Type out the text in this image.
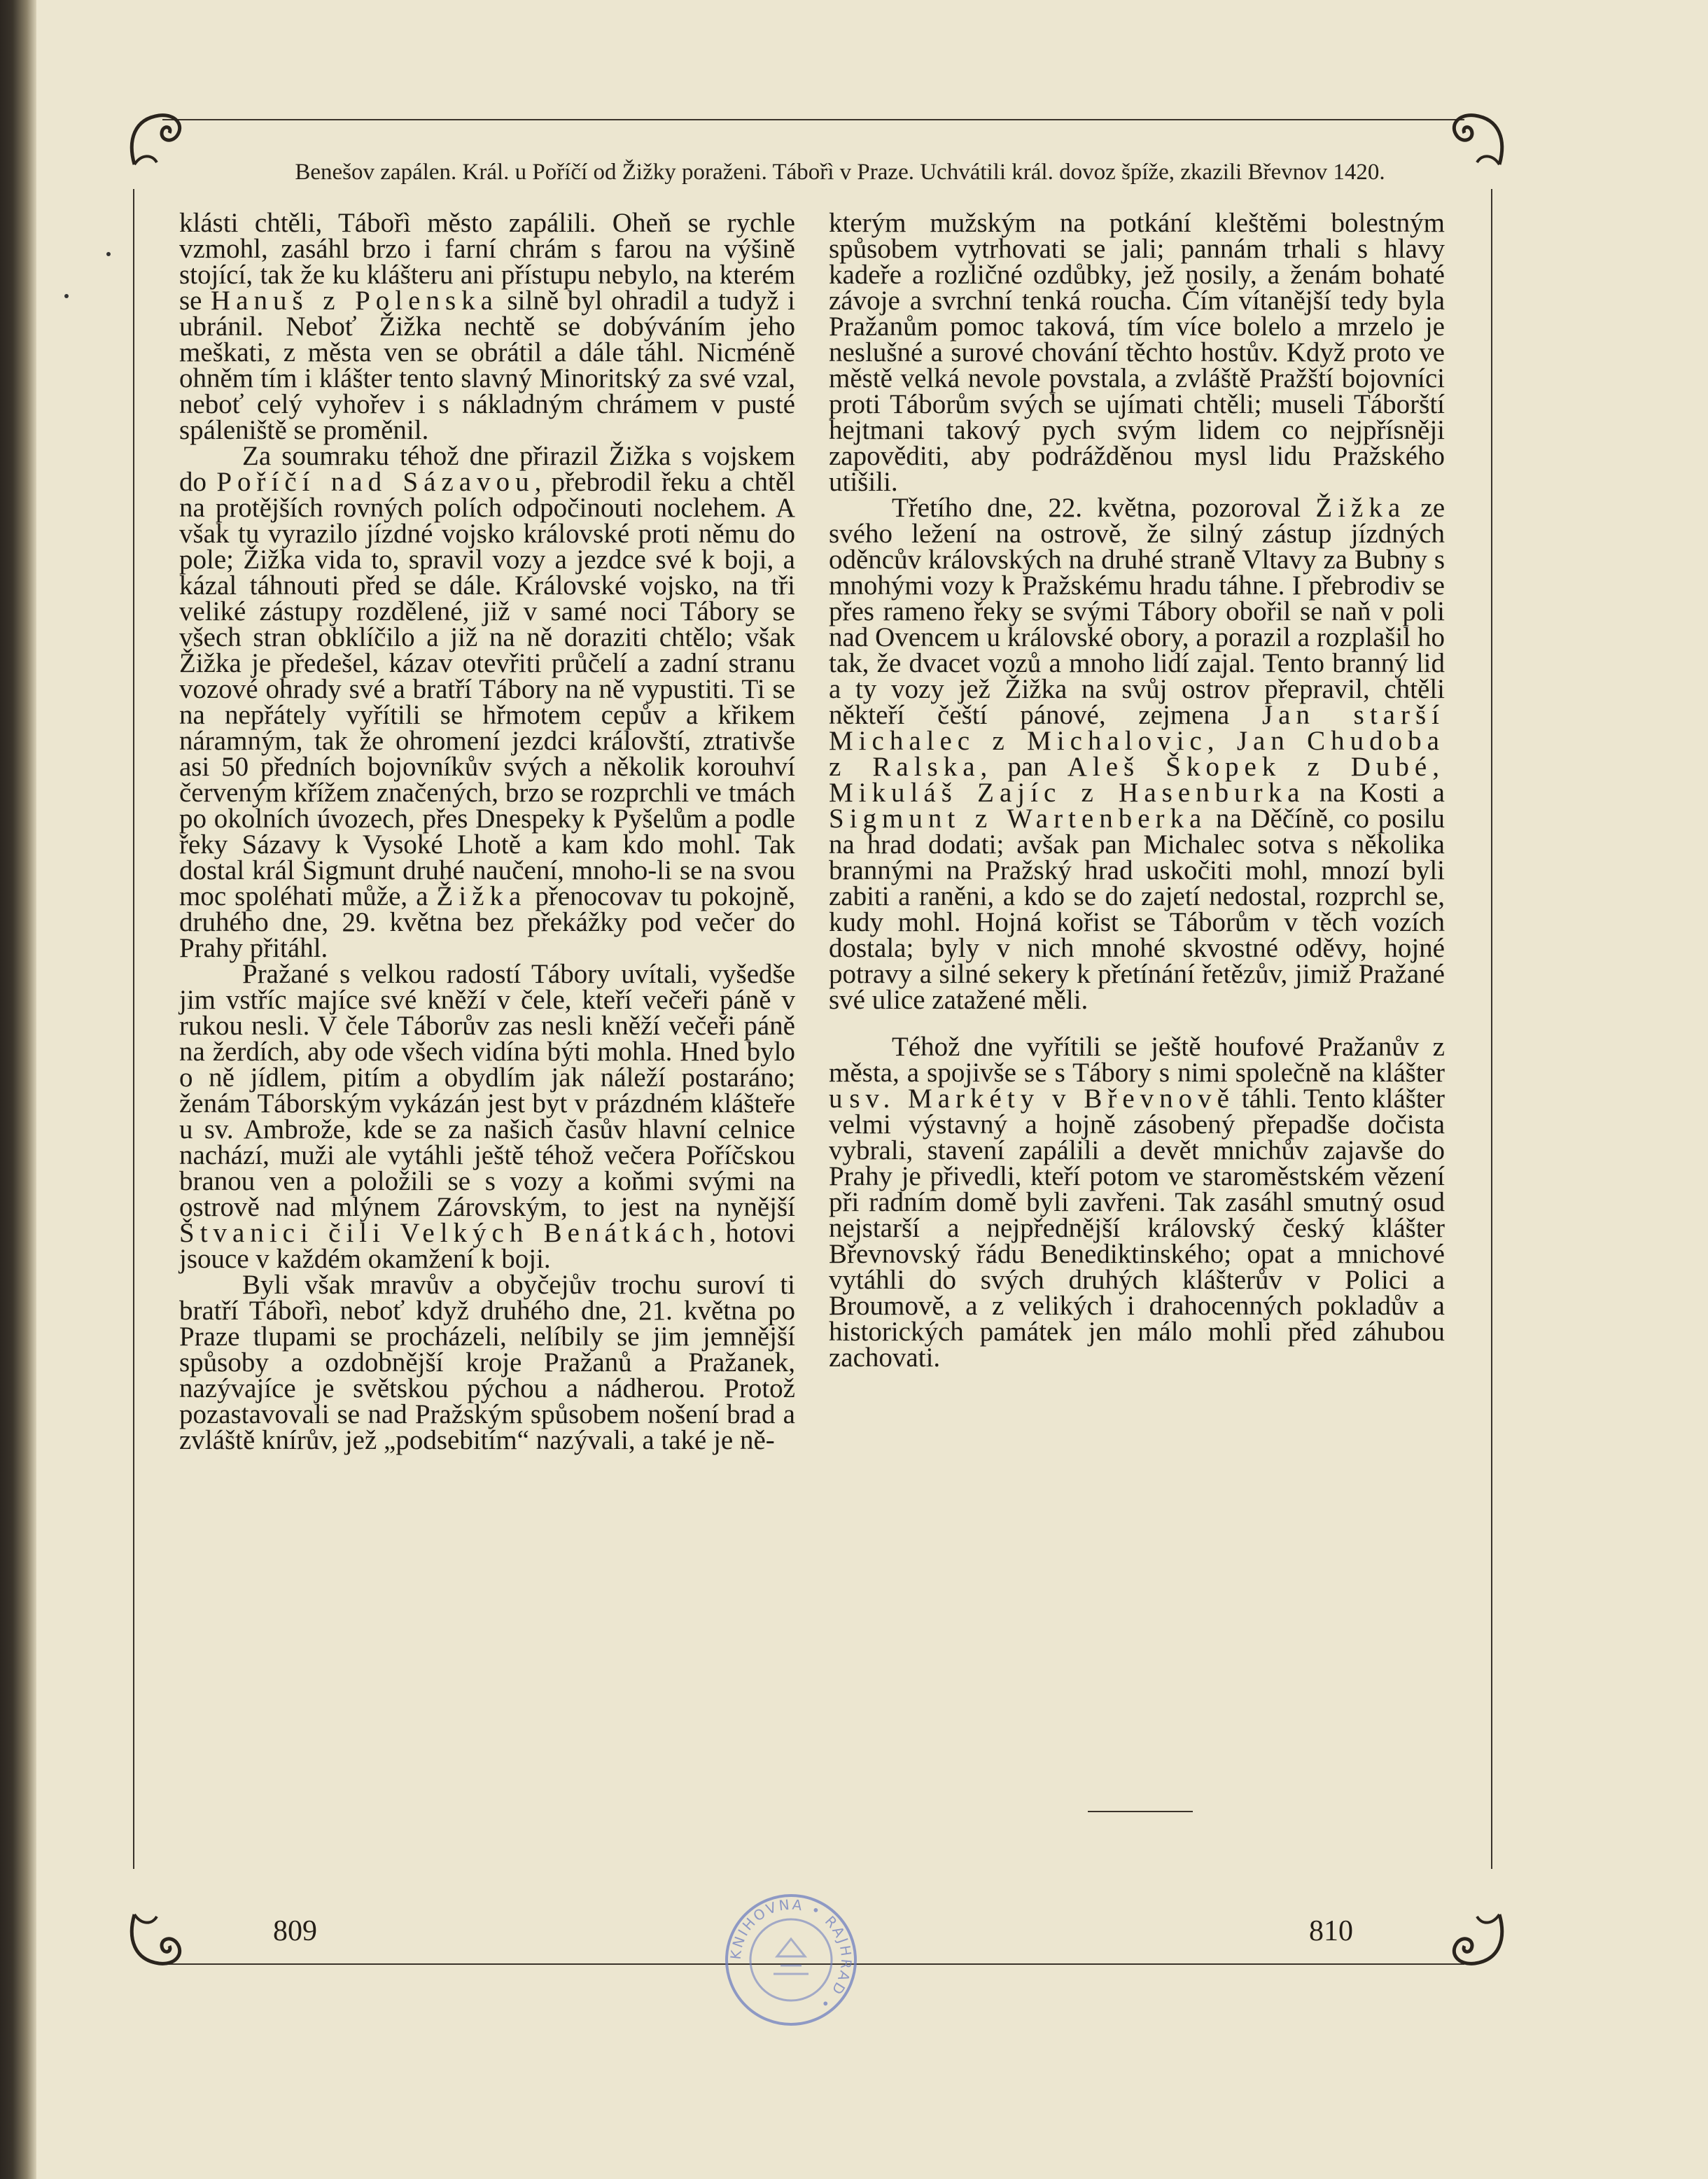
Benešov zapálen. Král. u Poříčí od Žižky poraženi. Tábořì v Praze. Uchvátili král. dovoz špíže, zkazili Břevnov 1420.

klásti chtěli, Tábořì město zapálili. Oheň se rychle vzmohl, zasáhl brzo i farní chrám s farou na výšině stojící, tak že ku klášteru ani přístupu nebylo, na kterém se Hanuš z Polenska silně byl ohradil a tudyž i ubránil. Neboť Žižka nechtě se dobýváním jeho meškati, z města ven se obrátil a dále táhl. Nicméně ohněm tím i klášter tento slavný Minoritský za své vzal, neboť celý vyhořev i s nákladným chrámem v pusté spáleniště se proměnil.

Za soumraku téhož dne přirazil Žižka s vojskem do Poříčí nad Sázavou, přebrodil řeku a chtěl na protějších rovných polích odpočinouti noclehem. A však tu vyrazilo jízdné vojsko královské proti němu do pole; Žižka vida to, spravil vozy a jezdce své k boji, a kázal táhnouti před se dále. Královské vojsko, na tři veliké zástupy rozdělené, již v samé noci Tábory se všech stran obklíčilo a již na ně doraziti chtělo; však Žižka je předešel, kázav otevřiti průčelí a zadní stranu vozové ohrady své a bratří Tábory na ně vypustiti. Ti se na nepřátely vyřítili se hřmotem cepův a křikem náramným, tak že ohromení jezdci královští, ztrativše asi 50 předních bojovníkův svých a několik korouhví červeným křížem značených, brzo se rozprchli ve tmách po okolních úvozech, přes Dnespeky k Pyšelům a podle řeky Sázavy k Vysoké Lhotě a kam kdo mohl. Tak dostal král Sigmunt druhé naučení, mnoho-li se na svou moc spoléhati může, a Žižka přenocovav tu pokojně, druhého dne, 29. května bez překážky pod večer do Prahy přitáhl.

Pražané s velkou radostí Tábory uvítali, vyšedše jim vstříc majíce své kněží v čele, kteří večeři páně v rukou nesli. V čele Táborův zas nesli kněží večeři páně na žerdích, aby ode všech vidína býti mohla. Hned bylo o ně jídlem, pitím a obydlím jak náleží postaráno; ženám Táborským vykázán jest byt v prázdném klášteře u sv. Ambrože, kde se za našich časův hlavní celnice nachází, muži ale vytáhli ještě téhož večera Poříčskou branou ven a položili se s vozy a koňmi svými na ostrově nad mlýnem Zárovským, to jest na nynější Štvanici čili Velkých Benátkách, hotovi jsouce v každém okamžení k boji.

Byli však mravův a obyčejův trochu suroví ti bratří Tábořì, neboť když druhého dne, 21. května po Praze tlupami se procházeli, nelíbily se jim jemnější spůsoby a ozdobnější kroje Pražanů a Pražanek, nazývajíce je světskou pýchou a nádherou. Protož pozastavovali se nad Pražským spůsobem nošení brad a zvláště knírův, jež „podsebitím“ nazývali, a také je ně-

kterým mužským na potkání kleštěmi bolestným spůsobem vytrhovati se jali; pannám trhali s hlavy kadeře a rozličné ozdůbky, jež nosily, a ženám bohaté závoje a svrchní tenká roucha. Čím vítanější tedy byla Pražanům pomoc taková, tím více bolelo a mrzelo je neslušné a surové chování těchto hostův. Když proto ve městě velká nevole povstala, a zvláště Pražští bojovníci proti Táborům svých se ujímati chtěli; museli Táborští hejtmani takový pych svým lidem co nejpřísněji zapověditi, aby podrážděnou mysl lidu Pražského utišili.

Třetího dne, 22. května, pozoroval Žižka ze svého ležení na ostrově, že silný zástup jízdných oděncův královských na druhé straně Vltavy za Bubny s mnohými vozy k Pražskému hradu táhne. I přebrodiv se přes rameno řeky se svými Tábory obořil se naň v poli nad Ovencem u královské obory, a porazil a rozplašil ho tak, že dvacet vozů a mnoho lidí zajal. Tento branný lid a ty vozy jež Žižka na svůj ostrov přepravil, chtěli někteří čeští pánové, zejmena Jan starší Michalec z Michalovic, Jan Chudoba z Ralska, pan Aleš Škopek z Dubé, Mikuláš Zajíc z Hasenburka na Kosti a Sigmunt z Wartenberka na Děčíně, co posilu na hrad dodati; avšak pan Michalec sotva s několika brannými na Pražský hrad uskočiti mohl, mnozí byli zabiti a raněni, a kdo se do zajetí nedostal, rozprchl se, kudy mohl. Hojná kořist se Táborům v těch vozích dostala; byly v nich mnohé skvostné oděvy, hojné potravy a silné sekery k přetínání řetězův, jimiž Pražané své ulice zatažené měli.

Téhož dne vyřítili se ještě houfové Pražanův z města, a spojivše se s Tábory s nimi společně na klášter u sv. Markéty v Břevnově táhli. Tento klášter velmi výstavný a hojně zásobený přepadše dočista vybrali, stavení zapálili a devět mnichův zajavše do Prahy je přivedli, kteří potom ve staroměstském vězení při radním domě byli zavřeni. Tak zasáhl smutný osud nejstarší a nejpřednější královský český klášter Břevnovský řádu Benediktinského; opat a mnichové vytáhli do svých druhých klášterův v Polici a Broumově, a z velikých i drahocenných pokladův a historických památek jen málo mohli před záhubou zachovati.

809	810
KNIHOVNA • RAJHRAD •
